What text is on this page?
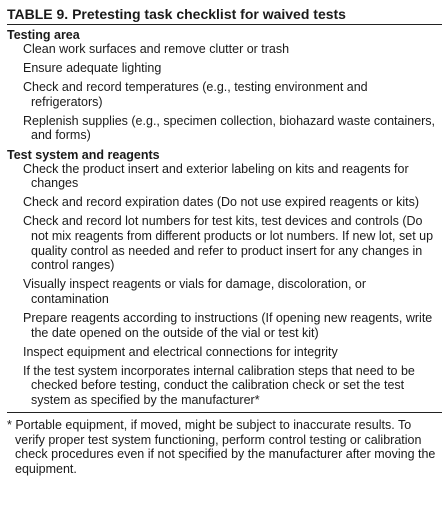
TABLE 9. Pretesting task checklist for waived tests
Testing area
Clean work surfaces and remove clutter or trash
Ensure adequate lighting
Check and record temperatures (e.g., testing environment and refrigerators)
Replenish supplies (e.g., specimen collection, biohazard waste containers, and forms)
Test system and reagents
Check the product insert and exterior labeling on kits and reagents for changes
Check and record expiration dates (Do not use expired reagents or kits)
Check and record lot numbers for test kits, test devices and controls (Do not mix reagents from different products or lot numbers. If new lot, set up quality control as needed and refer to product insert for any changes in control ranges)
Visually inspect reagents or vials for damage, discoloration, or contamination
Prepare reagents according to instructions (If opening new reagents, write the date opened on the outside of the vial or test kit)
Inspect equipment and electrical connections for integrity
If the test system incorporates internal calibration steps that need to be checked before testing, conduct the calibration check or set the test system as specified by the manufacturer*
* Portable equipment, if moved, might be subject to inaccurate results. To verify proper test system functioning, perform control testing or calibration check procedures even if not specified by the manufacturer after moving the equipment.
